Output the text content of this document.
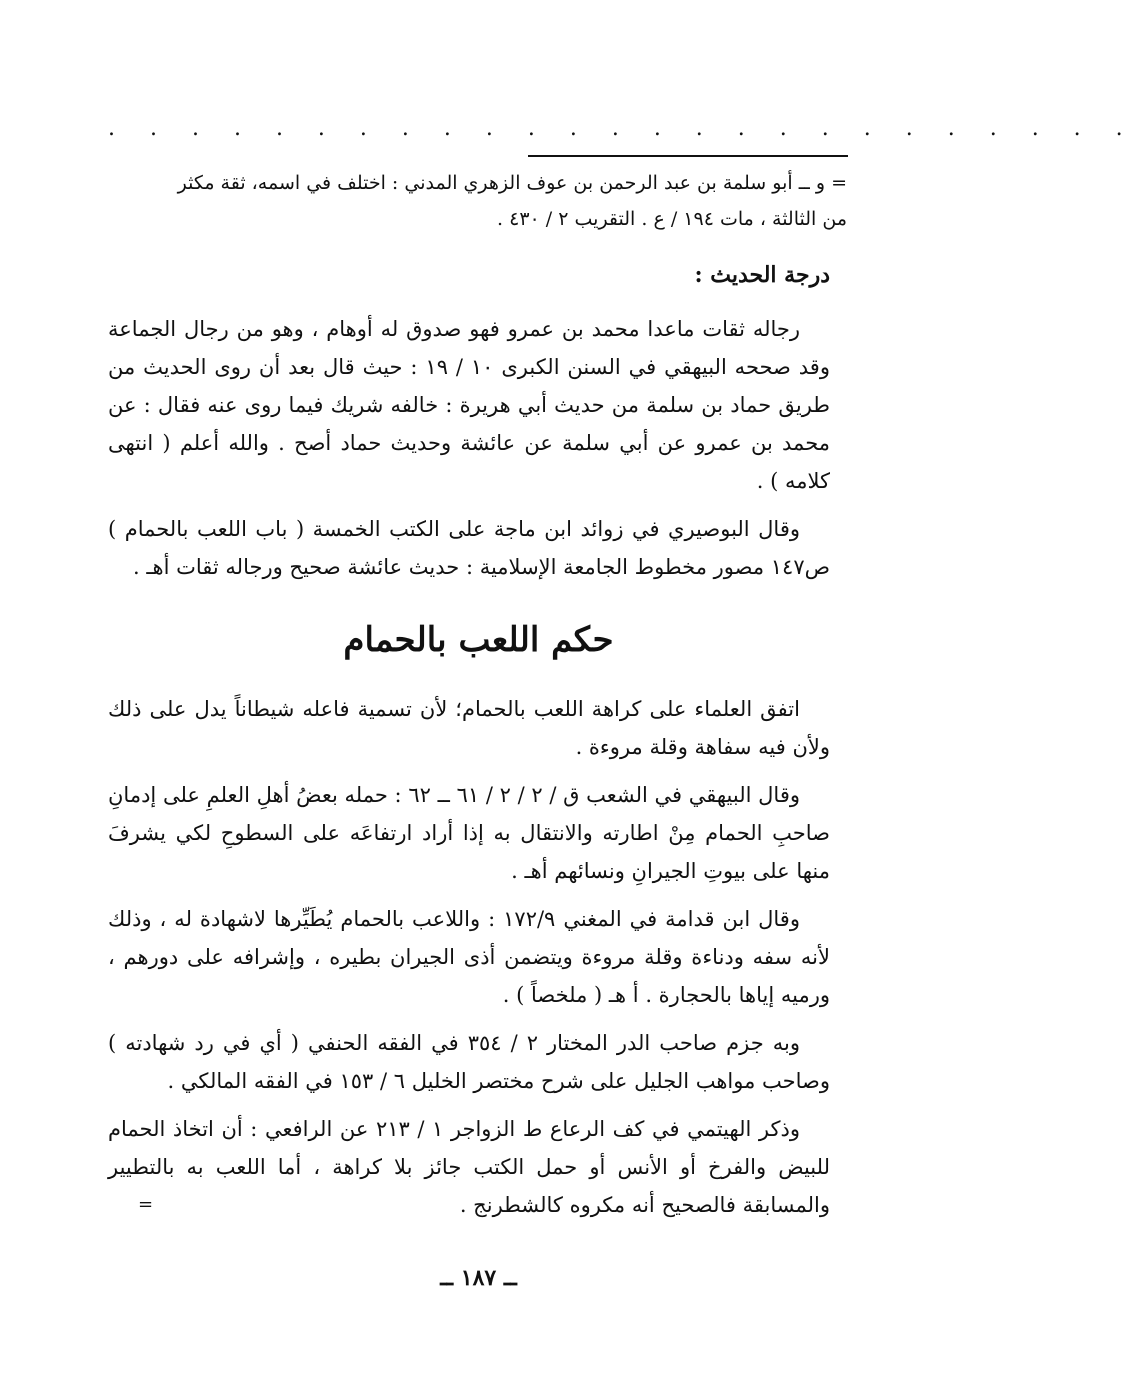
. . . . . . . . . . . . . . . . . . . . . . . . .

= و ــ أبو سلمة بن عبد الرحمن بن عوف الزهري المدني : اختلف في اسمه، ثقة مكثر

من الثالثة ، مات ١٩٤ / ع . التقريب ٢ / ٤٣٠ .

درجة الحديث :

رجاله ثقات ماعدا محمد بن عمرو فهو صدوق له أوهام ، وهو من رجال الجماعة وقد صححه البيهقي في السنن الكبرى ١٠ / ١٩ : حيث قال بعد أن روى الحديث من طريق حماد بن سلمة من حديث أبي هريرة : خالفه شريك فيما روى عنه فقال : عن محمد بن عمرو عن أبي سلمة عن عائشة وحديث حماد أصح . والله أعلم ( انتهى كلامه ) .

وقال البوصيري في زوائد ابن ماجة على الكتب الخمسة ( باب اللعب بالحمام ) ص١٤٧ مصور مخطوط الجامعة الإسلامية : حديث عائشة صحيح ورجاله ثقات أهـ .

حكم اللعب بالحمام

اتفق العلماء على كراهة اللعب بالحمام؛ لأن تسمية فاعله شيطاناً يدل على ذلك ولأن فيه سفاهة وقلة مروءة .

وقال البيهقي في الشعب ق / ٢ / ٢ / ٦١ ــ ٦٢ : حمله بعضُ أهلِ العلمِ على إدمانِ صاحبِ الحمام مِنْ اطارته والانتقال به إذا أراد ارتفاعَه على السطوحِ لكي يشرفَ منها على بيوتِ الجيرانِ ونسائهم أهـ .

وقال ابن قدامة في المغني ١٧٢/٩ : واللاعب بالحمام يُطَيِّرها لاشهادة له ، وذلك لأنه سفه ودناءة وقلة مروءة ويتضمن أذى الجيران بطيره ، وإشرافه على دورهم ، ورميه إياها بالحجارة . أ هـ ( ملخصاً ) .

وبه جزم صاحب الدر المختار ٢ / ٣٥٤ في الفقه الحنفي ( أي في رد شهادته ) وصاحب مواهب الجليل على شرح مختصر الخليل ٦ / ١٥٣ في الفقه المالكي .

وذكر الهيتمي في كف الرعاع ط الزواجر ١ / ٢١٣ عن الرافعي : أن اتخاذ الحمام للبيض والفرخ أو الأنس أو حمل الكتب جائز بلا كراهة ، أما اللعب به بالتطيير والمسابقة فالصحيح أنه مكروه كالشطرنج .
=

ــ ١٨٧ ــ
